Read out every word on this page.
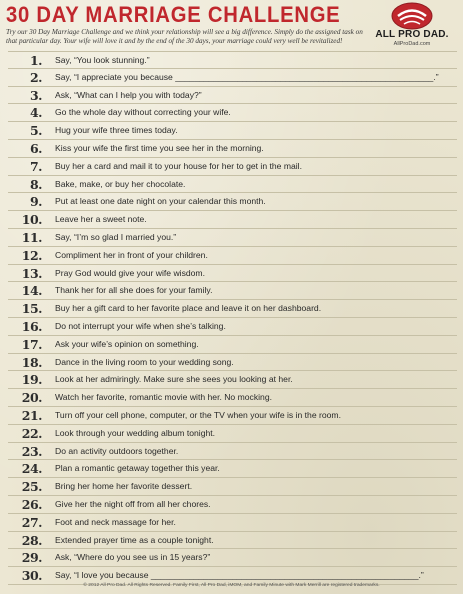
30 DAY MARRIAGE CHALLENGE
Try our 30 Day Marriage Challenge and we think your relationship will see a big difference. Simply do the assigned task on that particular day. Your wife will love it and by the end of the 30 days, your marriage could very well be revitalized!
ALL PRO DAD.
AllProDad.com
1. Say, “You look stunning.”
2. Say, “I appreciate you because ______________________________________________________.”
3. Ask, “What can I help you with today?”
4. Go the whole day without correcting your wife.
5. Hug your wife three times today.
6. Kiss your wife the first time you see her in the morning.
7. Buy her a card and mail it to your house for her to get in the mail.
8. Bake, make, or buy her chocolate.
9. Put at least one date night on your calendar this month.
10. Leave her a sweet note.
11. Say, “I’m so glad I married you.”
12. Compliment her in front of your children.
13. Pray God would give your wife wisdom.
14. Thank her for all she does for your family.
15. Buy her a gift card to her favorite place and leave it on her dashboard.
16. Do not interrupt your wife when she’s talking.
17. Ask your wife’s opinion on something.
18. Dance in the living room to your wedding song.
19. Look at her admiringly. Make sure she sees you looking at her.
20. Watch her favorite, romantic movie with her. No mocking.
21. Turn off your cell phone, computer, or the TV when your wife is in the room.
22. Look through your wedding album tonight.
23. Do an activity outdoors together.
24. Plan a romantic getaway together this year.
25. Bring her home her favorite dessert.
26. Give her the night off from all her chores.
27. Foot and neck massage for her.
28. Extended prayer time as a couple tonight.
29. Ask, “Where do you see us in 15 years?”
30. Say, “I love you because ________________________________________________________.”
© 2012 All Pro Dad. All Rights Reserved. Family First, All Pro Dad, iMOM, and Family Minute with Mark Merrill are registered trademarks.
